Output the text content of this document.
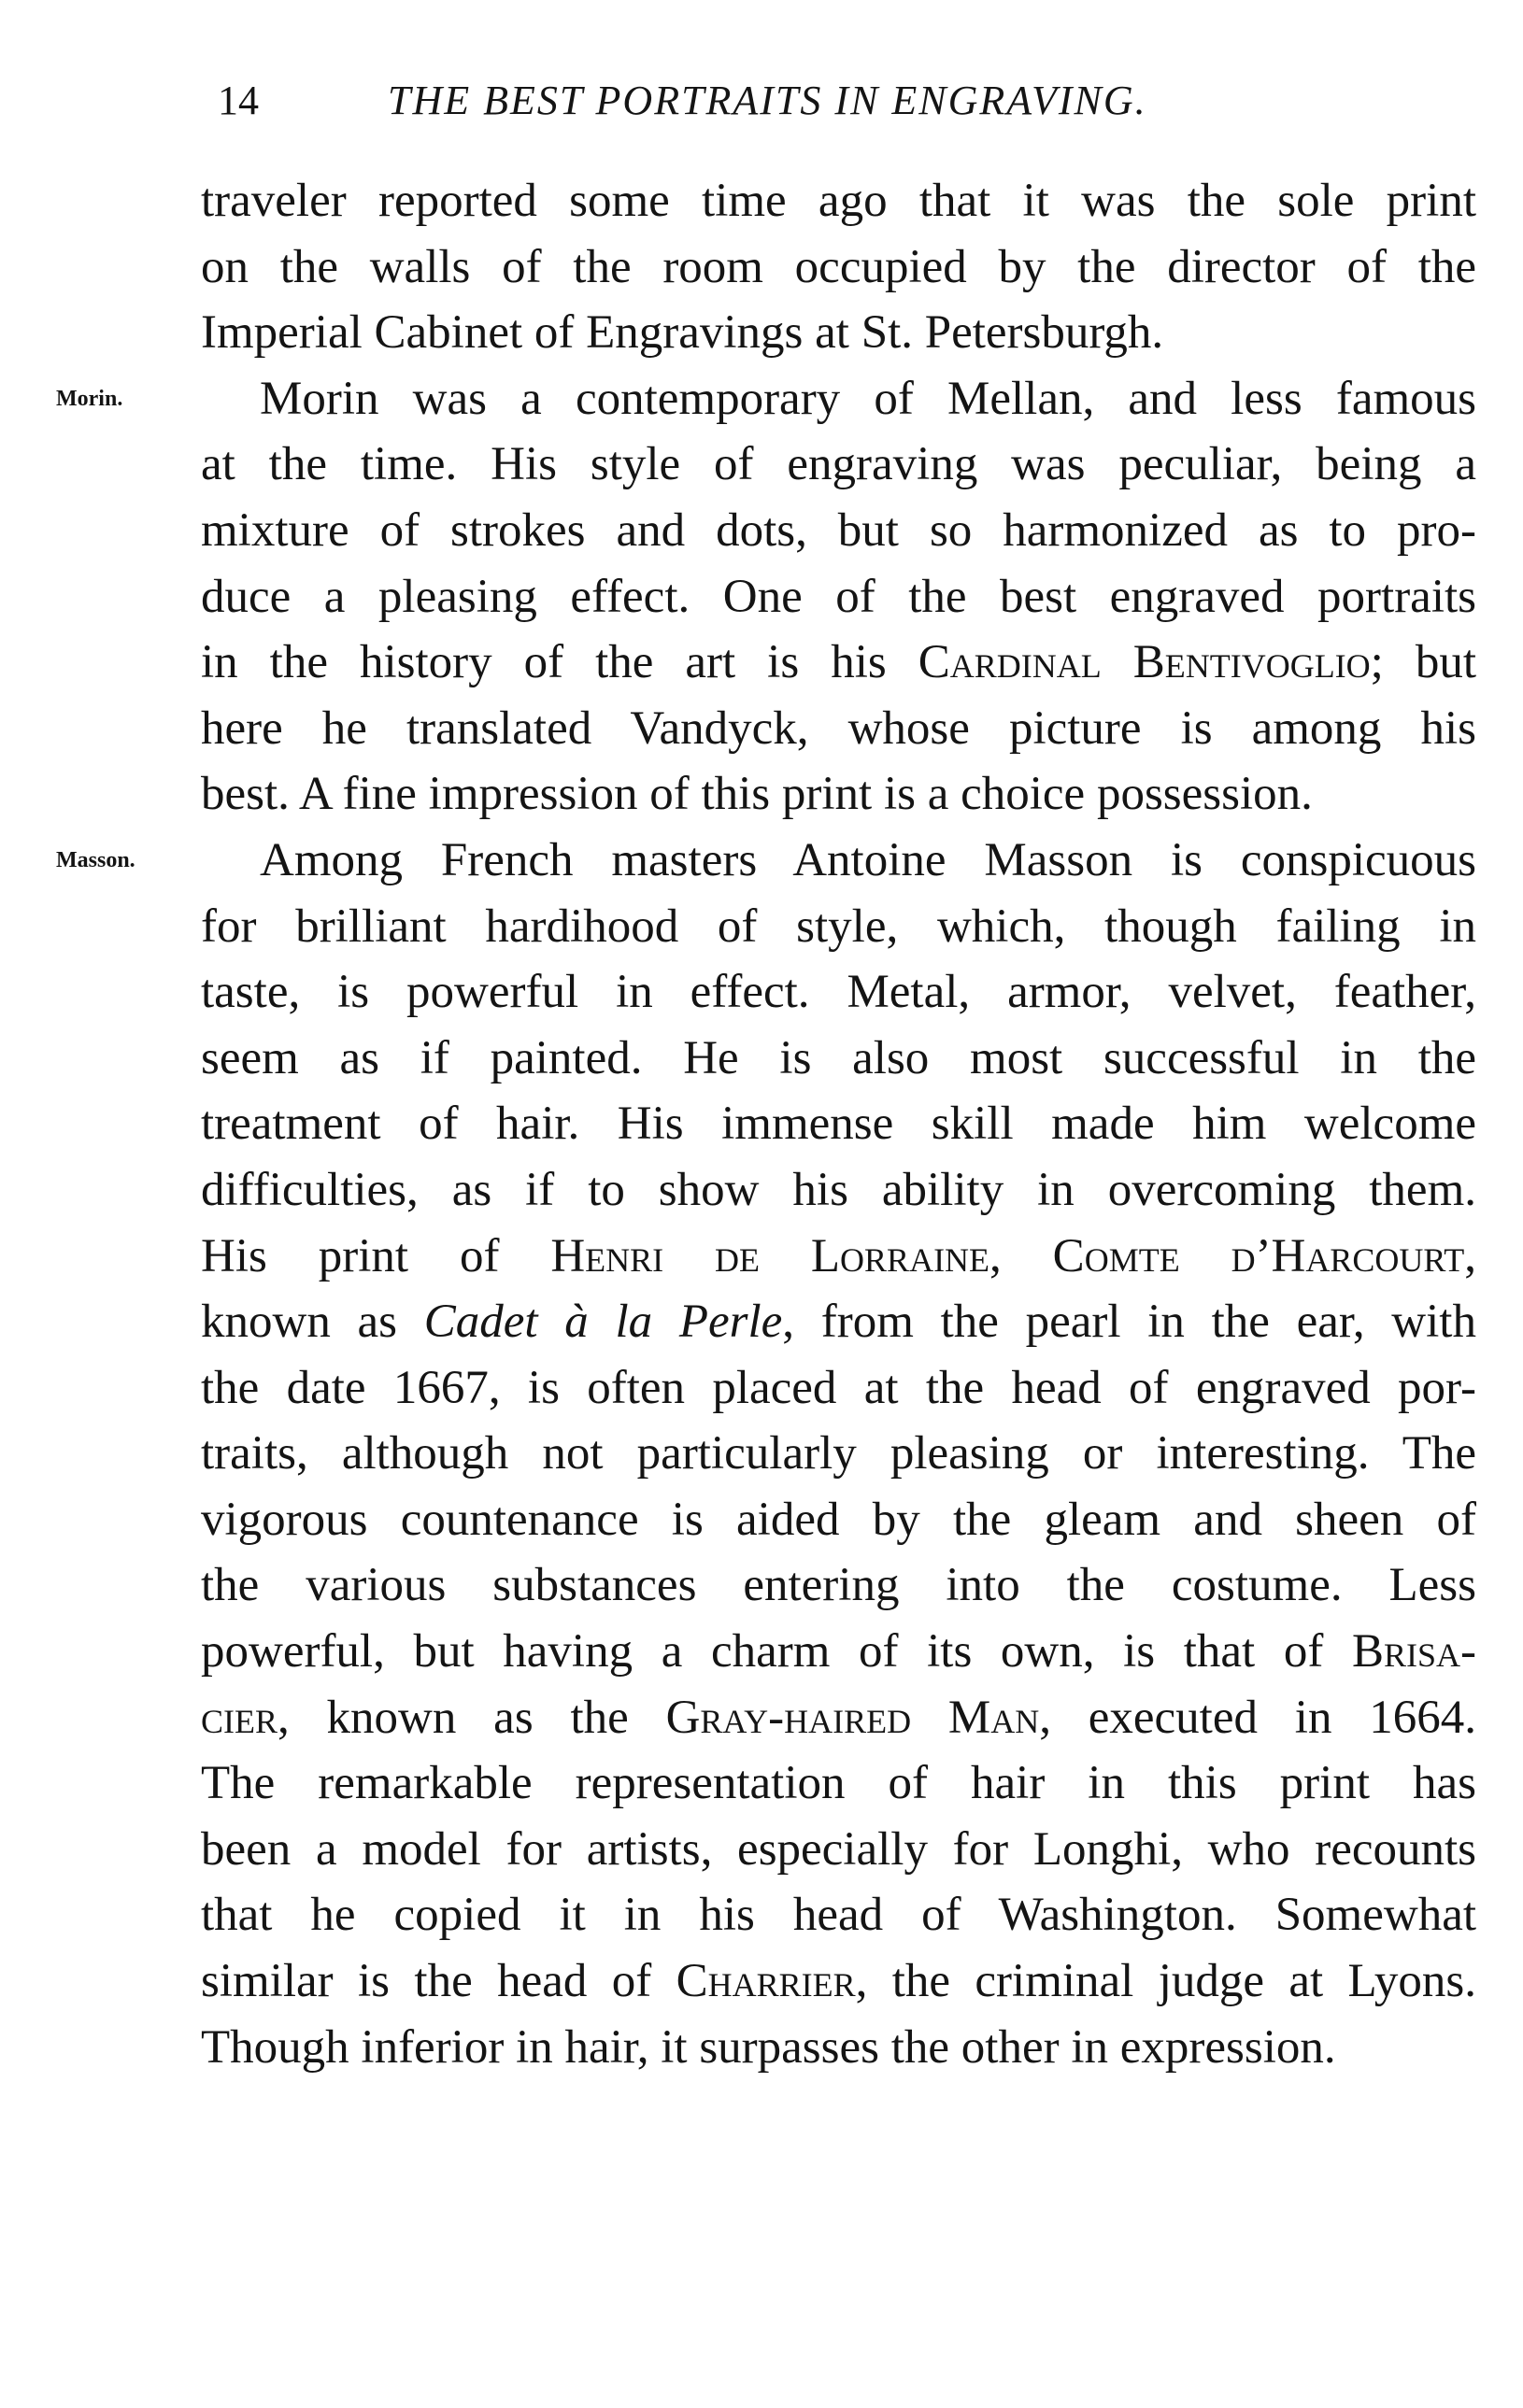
14	THE BEST PORTRAITS IN ENGRAVING.
Morin.
Masson.
traveler reported some time ago that it was the sole print
on the walls of the room occupied by the director of the
Imperial Cabinet of Engravings at St. Petersburgh.
Morin was a contemporary of Mellan, and less famous
at the time. His style of engraving was peculiar, being a
mixture of strokes and dots, but so harmonized as to pro-
duce a pleasing effect. One of the best engraved portraits
in the history of the art is his Cardinal Bentivoglio; but
here he translated Vandyck, whose picture is among his
best. A fine impression of this print is a choice possession.
Among French masters Antoine Masson is conspicuous
for brilliant hardihood of style, which, though failing in
taste, is powerful in effect. Metal, armor, velvet, feather,
seem as if painted. He is also most successful in the
treatment of hair. His immense skill made him welcome
difficulties, as if to show his ability in overcoming them.
His print of Henri de Lorraine, Comte d’Harcourt,
known as Cadet à la Perle, from the pearl in the ear, with
the date 1667, is often placed at the head of engraved por-
traits, although not particularly pleasing or interesting. The
vigorous countenance is aided by the gleam and sheen of
the various substances entering into the costume. Less
powerful, but having a charm of its own, is that of Brisa-
cier, known as the Gray-haired Man, executed in 1664.
The remarkable representation of hair in this print has
been a model for artists, especially for Longhi, who recounts
that he copied it in his head of Washington. Somewhat
similar is the head of Charrier, the criminal judge at Lyons.
Though inferior in hair, it surpasses the other in expression.
